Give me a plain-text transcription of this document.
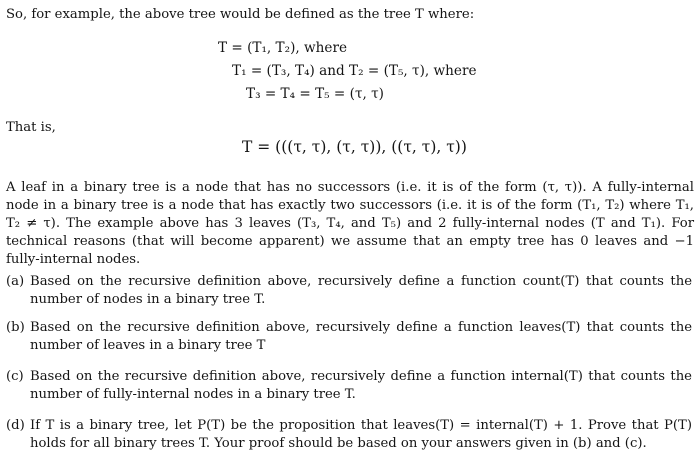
So, for example, the above tree would be defined as the tree T where:
T = (T₁, T₂), where
T₁ = (T₃, T₄) and T₂ = (T₅, τ), where
T₃ = T₄ = T₅ = (τ, τ)
That is,
T = (((τ, τ), (τ, τ)), ((τ, τ), τ))
A leaf in a binary tree is a node that has no successors (i.e. it is of the form (τ, τ)). A fully-internal node in a binary tree is a node that has exactly two successors (i.e. it is of the form (T₁, T₂) where T₁, T₂ ≠ τ). The example above has 3 leaves (T₃, T₄, and T₅) and 2 fully-internal nodes (T and T₁). For technical reasons (that will become apparent) we assume that an empty tree has 0 leaves and −1 fully-internal nodes.
(a) Based on the recursive definition above, recursively define a function count(T) that counts the number of nodes in a binary tree T.
(b) Based on the recursive definition above, recursively define a function leaves(T) that counts the number of leaves in a binary tree T
(c) Based on the recursive definition above, recursively define a function internal(T) that counts the number of fully-internal nodes in a binary tree T.
(d) If T is a binary tree, let P(T) be the proposition that leaves(T) = internal(T) + 1. Prove that P(T) holds for all binary trees T. Your proof should be based on your answers given in (b) and (c).
